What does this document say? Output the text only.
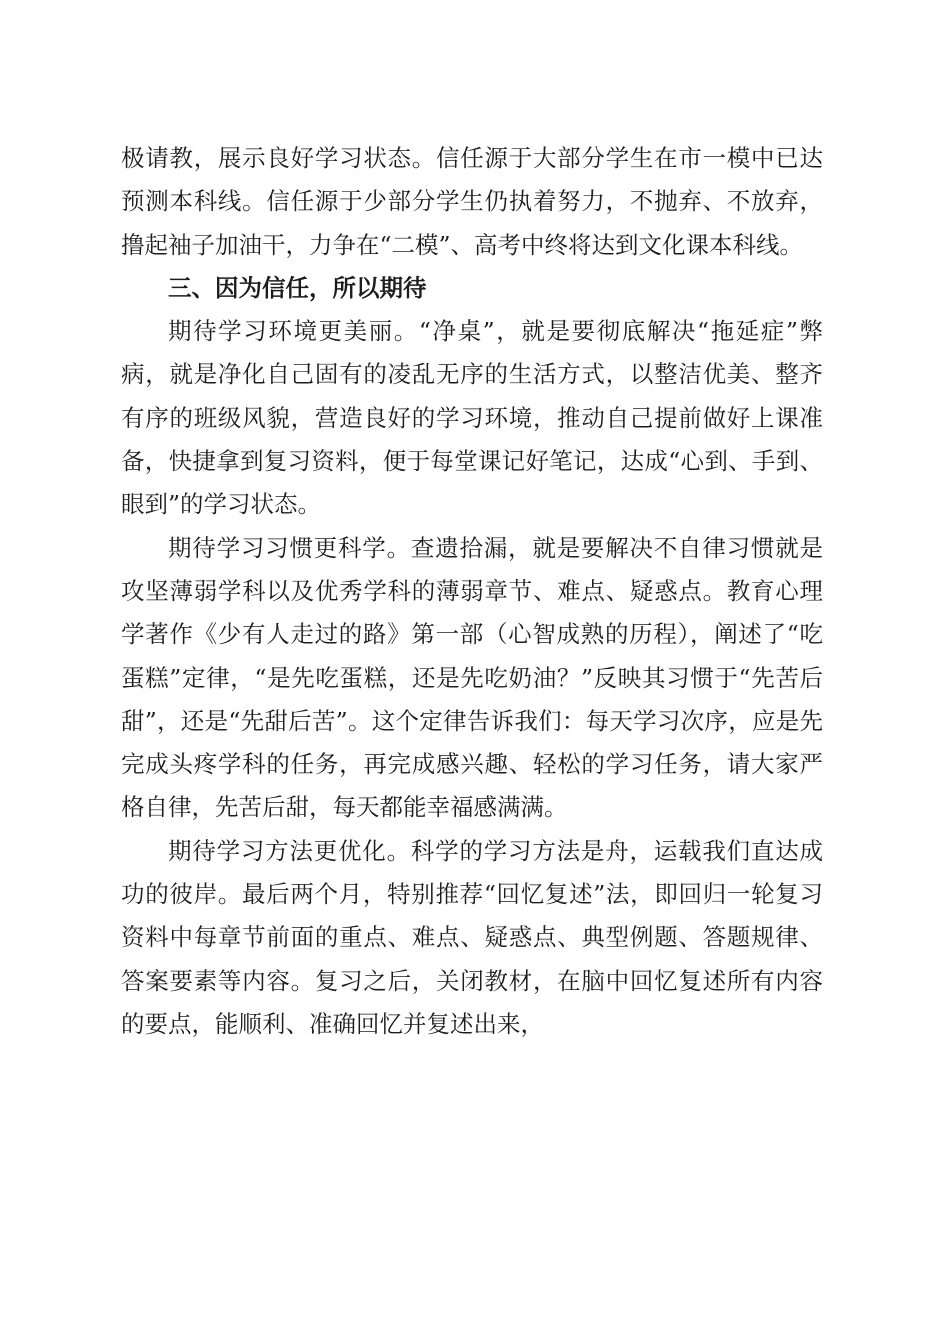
极请教，展示良好学习状态。信任源于大部分学生在市一模中已达预测本科线。信任源于少部分学生仍执着努力，不抛弃、不放弃，撸起袖子加油干，力争在“二模”、高考中终将达到文化课本科线。

三、因为信任，所以期待

期待学习环境更美丽。“净桌”，就是要彻底解决“拖延症”弊病，就是净化自己固有的凌乱无序的生活方式，以整洁优美、整齐有序的班级风貌，营造良好的学习环境，推动自己提前做好上课准备，快捷拿到复习资料，便于每堂课记好笔记，达成“心到、手到、眼到”的学习状态。

期待学习习惯更科学。查遗拾漏，就是要解决不自律习惯就是攻坚薄弱学科以及优秀学科的薄弱章节、难点、疑惑点。教育心理学著作《少有人走过的路》第一部（心智成熟的历程），阐述了“吃蛋糕”定律，“是先吃蛋糕，还是先吃奶油？”反映其习惯于“先苦后甜”，还是“先甜后苦”。这个定律告诉我们：每天学习次序，应是先完成头疼学科的任务，再完成感兴趣、轻松的学习任务，请大家严格自律，先苦后甜，每天都能幸福感满满。

期待学习方法更优化。科学的学习方法是舟，运载我们直达成功的彼岸。最后两个月，特别推荐“回忆复述”法，即回归一轮复习资料中每章节前面的重点、难点、疑惑点、典型例题、答题规律、答案要素等内容。复习之后，关闭教材，在脑中回忆复述所有内容的要点，能顺利、准确回忆并复述出来，
